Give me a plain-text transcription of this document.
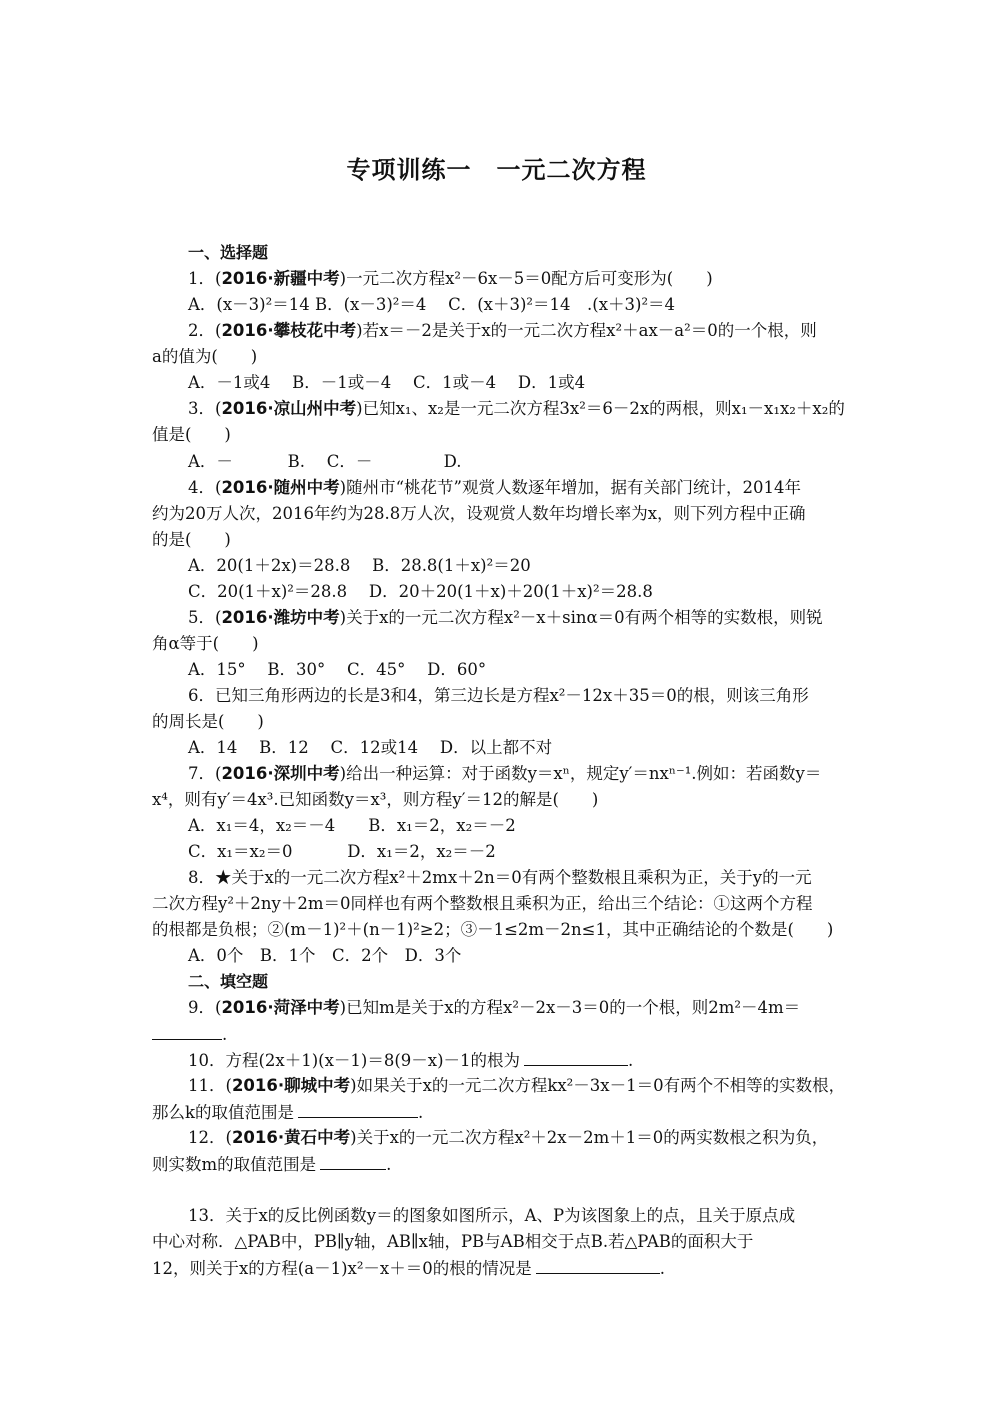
专项训练一　一元二次方程
一、选择题
1．(2016·新疆中考)一元二次方程x²－6x－5＝0配方后可变形为(　　)
A．(x－3)²＝14 B．(x－3)²＝4　 C．(x＋3)²＝14　.(x＋3)²＝4
2．(2016·攀枝花中考)若x＝－2是关于x的一元二次方程x²＋ax－a²＝0的一个根，则
a的值为(　　)
A．－1或4　 B．－1或－4　 C．1或－4　 D．1或4
3．(2016·凉山州中考)已知x₁、x₂是一元二次方程3x²＝6－2x的两根，则x₁－x₁x₂＋x₂的
值是(　　)
A．－　　　 B.　 C．－　　　　 D.
4．(2016·随州中考)随州市“桃花节”观赏人数逐年增加，据有关部门统计，2014年
约为20万人次，2016年约为28.8万人次，设观赏人数年均增长率为x，则下列方程中正确
的是(　　)
A．20(1＋2x)＝28.8　 B．28.8(1＋x)²＝20
C．20(1＋x)²＝28.8　 D．20＋20(1＋x)＋20(1＋x)²＝28.8
5．(2016·潍坊中考)关于x的一元二次方程x²－x＋sinα＝0有两个相等的实数根，则锐
角α等于(　　)
A．15°　 B．30°　 C．45°　 D．60°
6．已知三角形两边的长是3和4，第三边长是方程x²－12x＋35＝0的根，则该三角形
的周长是(　　)
A．14　 B．12　 C．12或14　 D．以上都不对
7．(2016·深圳中考)给出一种运算：对于函数y＝xⁿ，规定y′＝nxⁿ⁻¹.例如：若函数y＝
x⁴，则有y′＝4x³.已知函数y＝x³，则方程y′＝12的解是(　　)
A．x₁＝4，x₂＝－4　　B．x₁＝2，x₂＝－2
C．x₁＝x₂＝0　　　 D．x₁＝2，x₂＝－2
8．★关于x的一元二次方程x²＋2mx＋2n＝0有两个整数根且乘积为正，关于y的一元
二次方程y²＋2ny＋2m＝0同样也有两个整数根且乘积为正，给出三个结论：①这两个方程
的根都是负根；②(m－1)²＋(n－1)²≥2；③－1≤2m－2n≤1，其中正确结论的个数是(　　)
A．0个　B．1个　C．2个　D．3个
二、填空题
9．(2016·菏泽中考)已知m是关于x的方程x²－2x－3＝0的一个根，则2m²－4m＝
.
10．方程(2x＋1)(x－1)＝8(9－x)－1的根为	.
11．(2016·聊城中考)如果关于x的一元二次方程kx²－3x－1＝0有两个不相等的实数根，
那么k的取值范围是	.
12．(2016·黄石中考)关于x的一元二次方程x²＋2x－2m＋1＝0的两实数根之积为负，
则实数m的取值范围是	.
13．关于x的反比例函数y＝的图象如图所示，A、P为该图象上的点，且关于原点成
中心对称．△PAB中，PB∥y轴，AB∥x轴，PB与AB相交于点B.若△PAB的面积大于
12，则关于x的方程(a－1)x²－x＋＝0的根的情况是	.
